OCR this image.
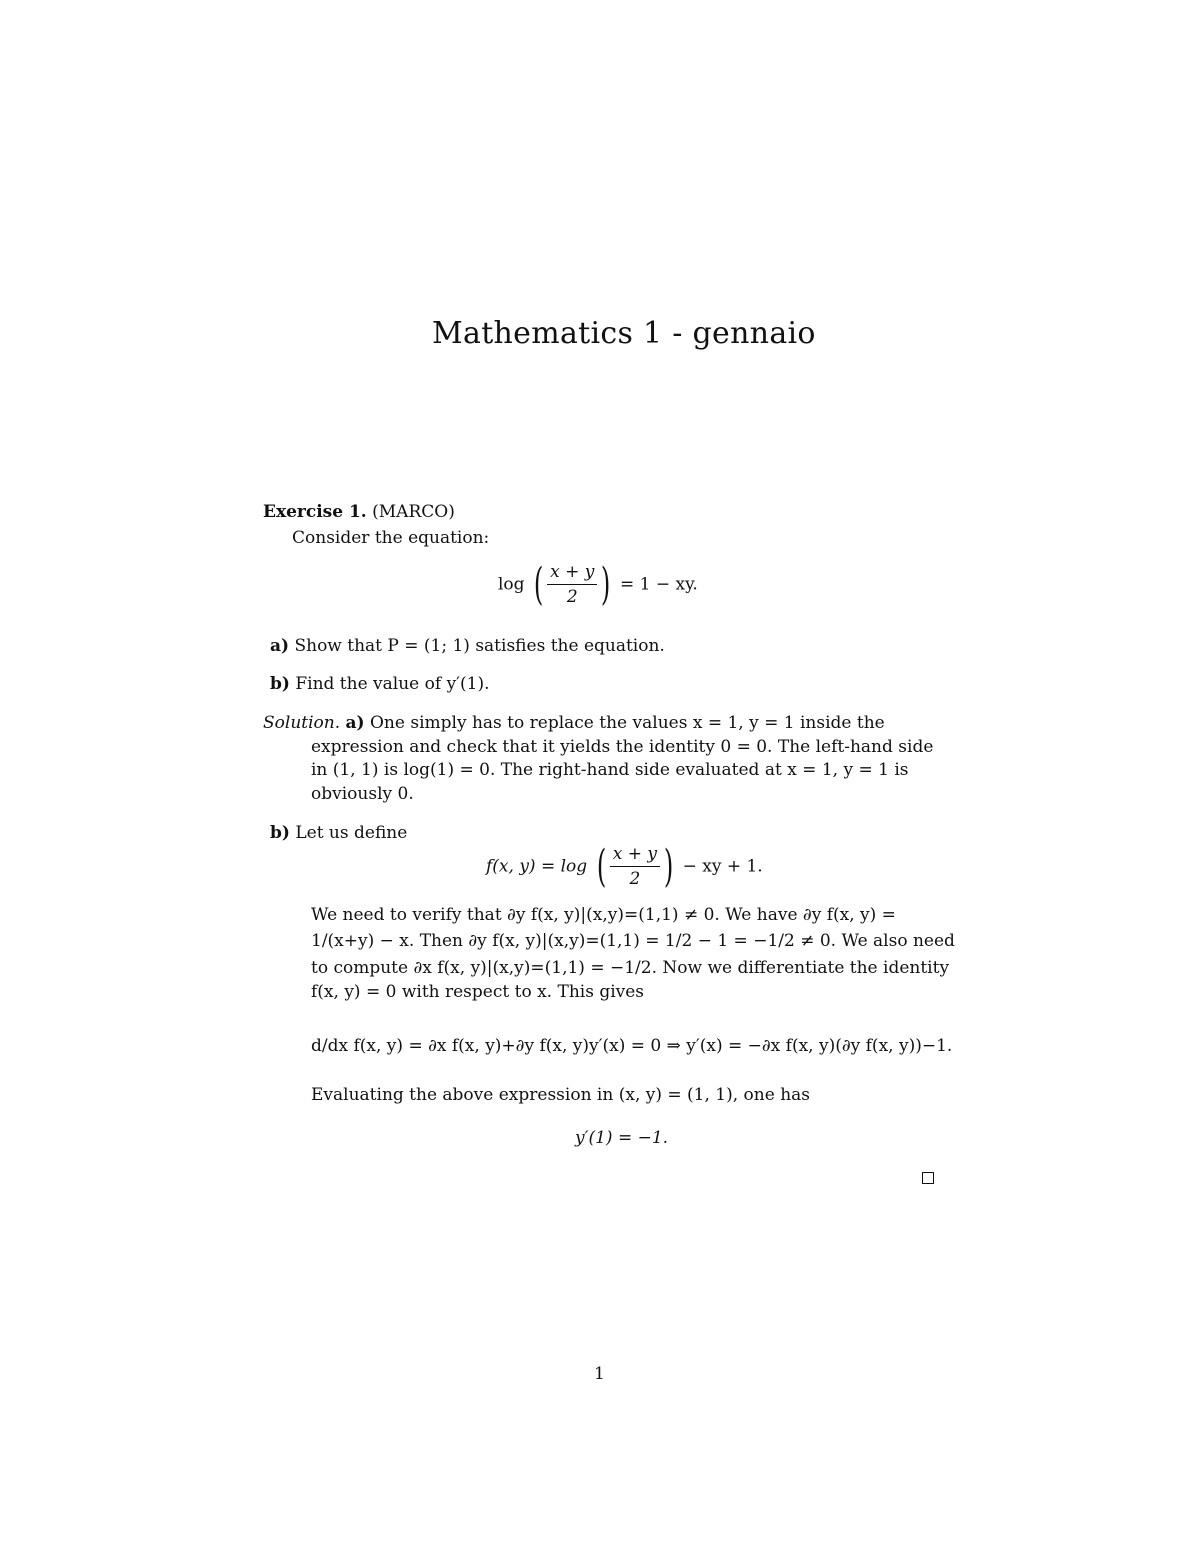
Mathematics 1 - gennaio
Exercise 1. (MARCO)
Consider the equation:
log ( $\frac{x + y}{2}$ ) = 1 − xy.
a) Show that P = (1; 1) satisfies the equation.
b) Find the value of y′(1).
Solution. a) One simply has to replace the values x = 1, y = 1 inside the
expression and check that it yields the identity 0 = 0. The left-hand side
in (1, 1) is log(1) = 0. The right-hand side evaluated at x = 1, y = 1 is
obviously 0.
b) Let us define
f(x, y) = log ( $\frac{x + y}{2}$ ) − xy + 1.
We need to verify that ∂y f(x, y)|(x,y)=(1,1) ≠ 0. We have ∂y f(x, y) =
1/(x+y) − x. Then ∂y f(x, y)|(x,y)=(1,1) = 1/2 − 1 = −1/2 ≠ 0. We also need
to compute ∂x f(x, y)|(x,y)=(1,1) = −1/2. Now we differentiate the identity
f(x, y) = 0 with respect to x. This gives
d/dx f(x, y) = ∂x f(x, y)+∂y f(x, y)y′(x) = 0 ⇒ y′(x) = −∂x f(x, y)(∂y f(x, y))−1.
Evaluating the above expression in (x, y) = (1, 1), one has
y′(1) = −1.
1
